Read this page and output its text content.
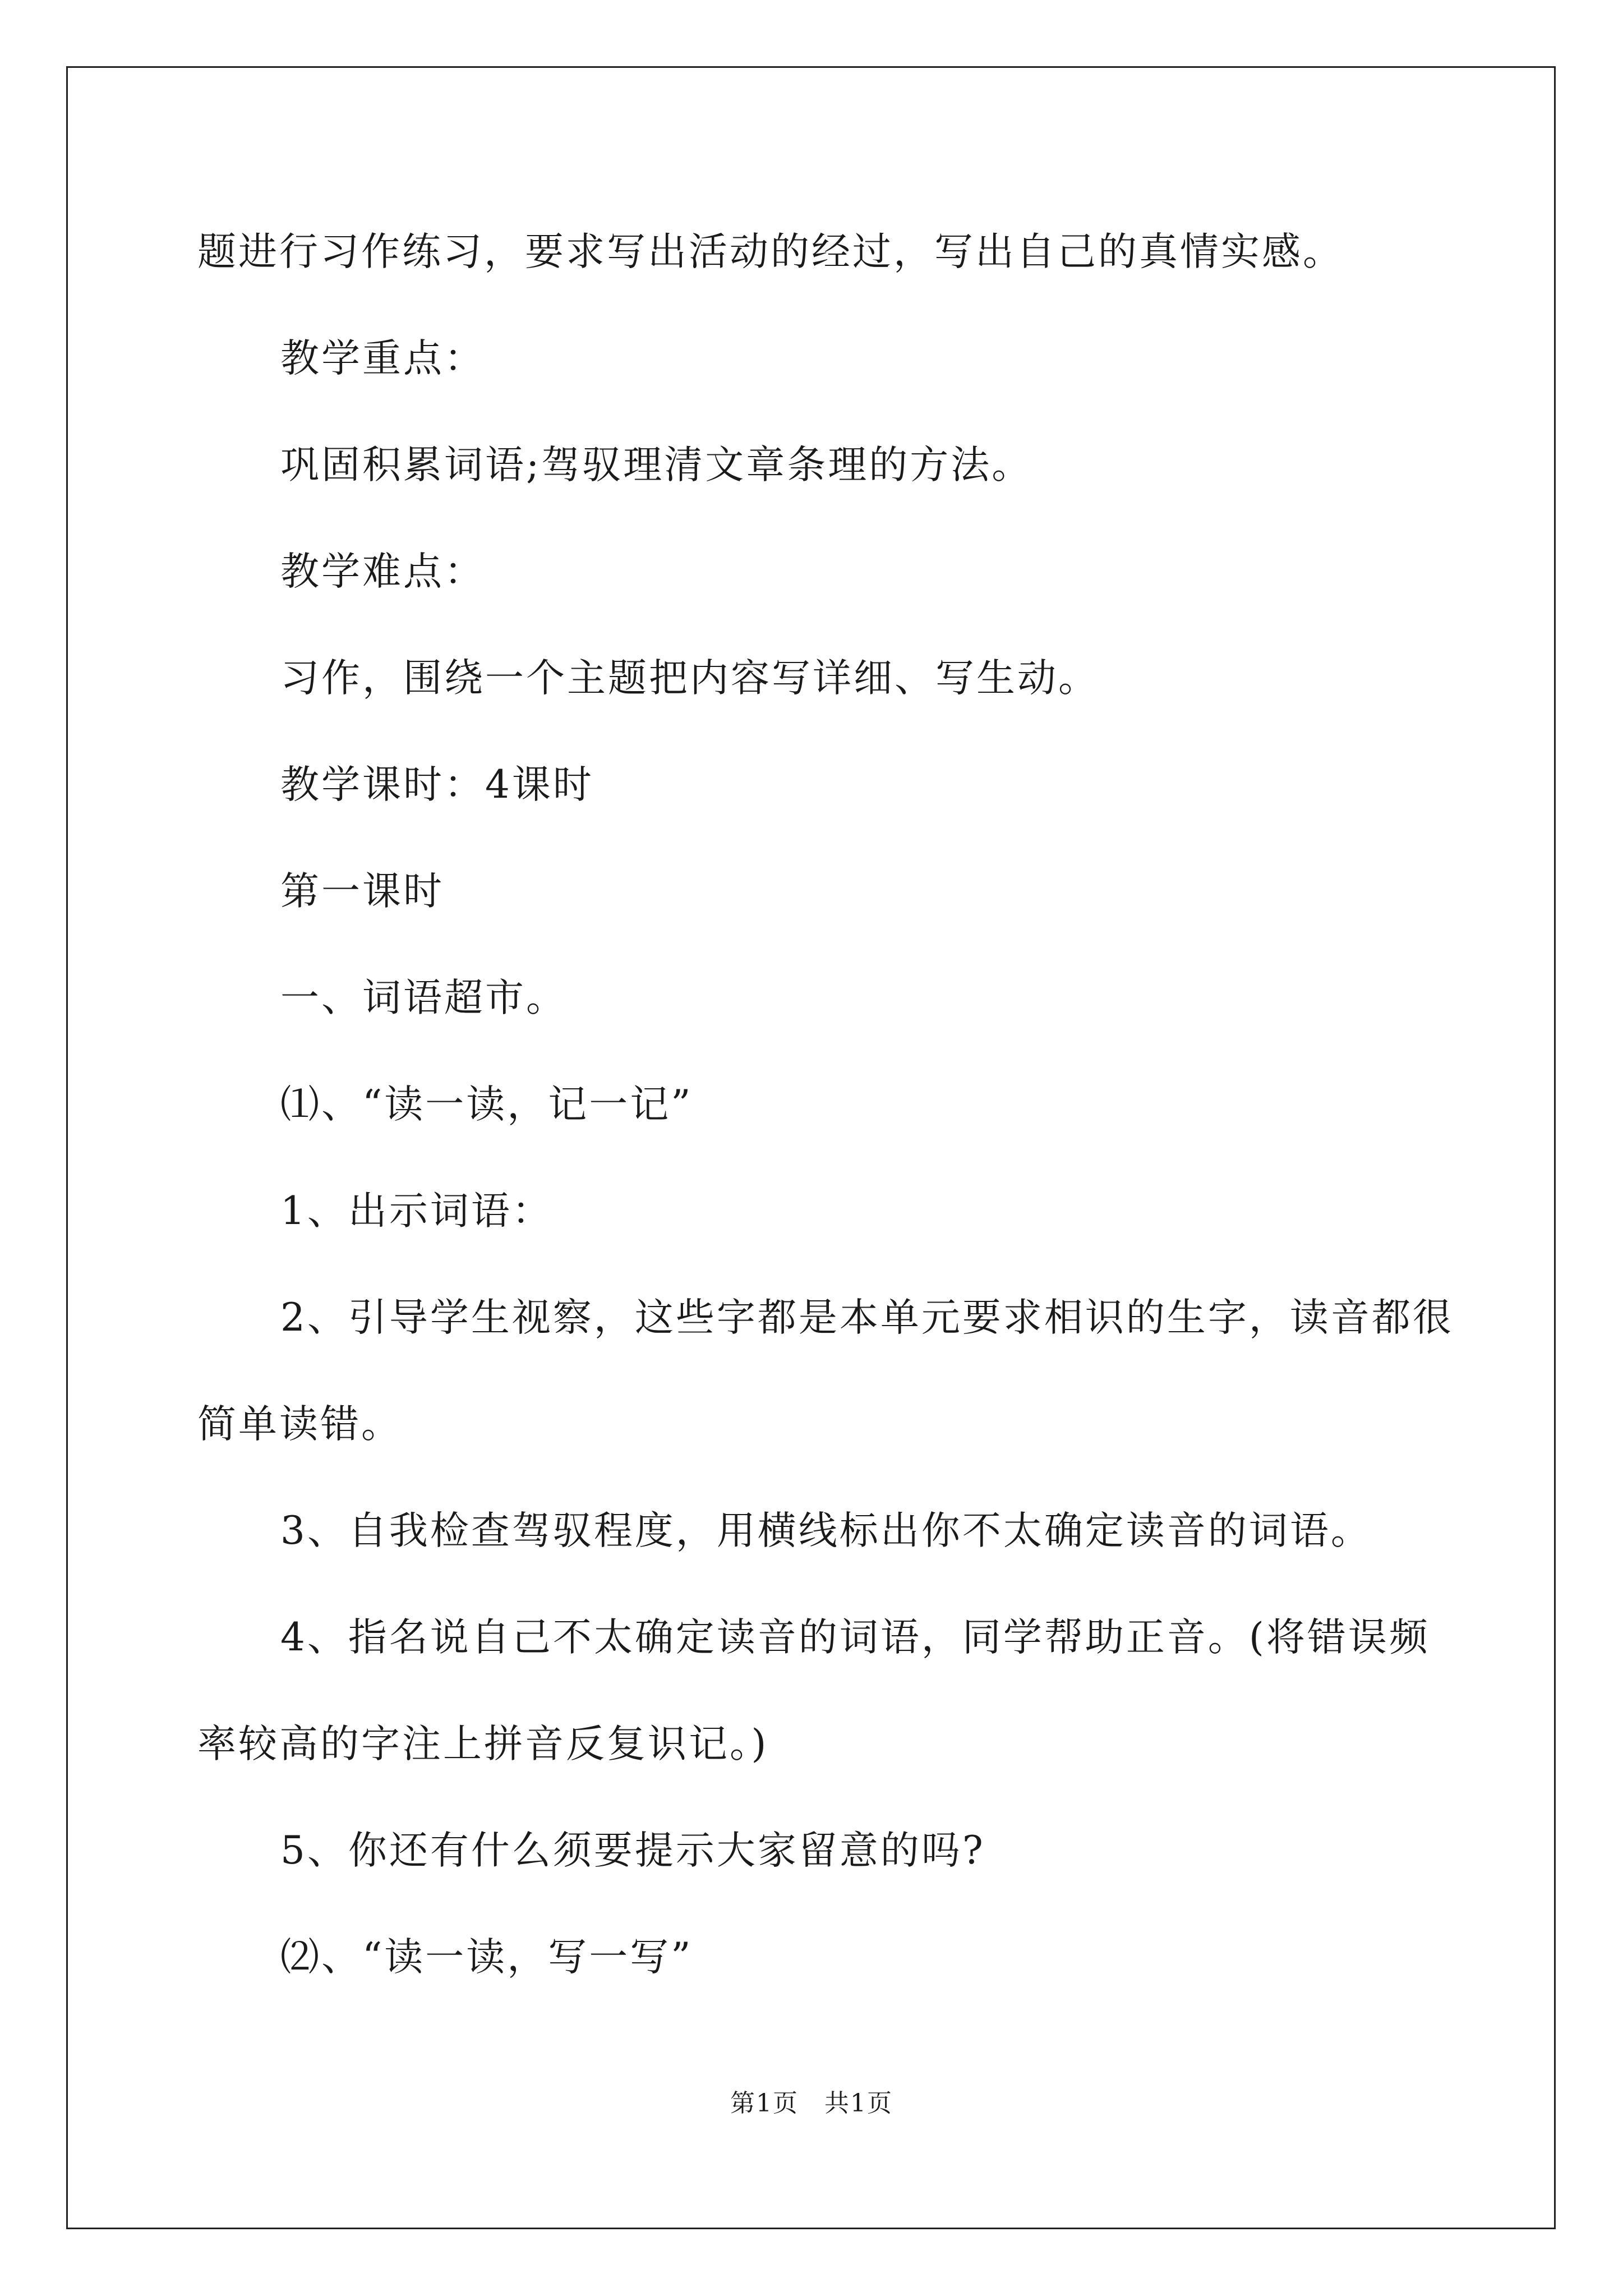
题进行习作练习，要求写出活动的经过，写出自己的真情实感。
教学重点：
巩固积累词语;驾驭理清文章条理的方法。
教学难点：
习作，围绕一个主题把内容写详细、写生动。
教学课时：4课时
第一课时
一、词语超市。
⑴、“读一读，记一记”
1、出示词语：
2、引导学生视察，这些字都是本单元要求相识的生字，读音都很
简单读错。
3、自我检查驾驭程度，用横线标出你不太确定读音的词语。
4、指名说自己不太确定读音的词语，同学帮助正音。(将错误频
率较高的字注上拼音反复识记。)
5、你还有什么须要提示大家留意的吗?
⑵、“读一读，写一写”
第1页　共1页
